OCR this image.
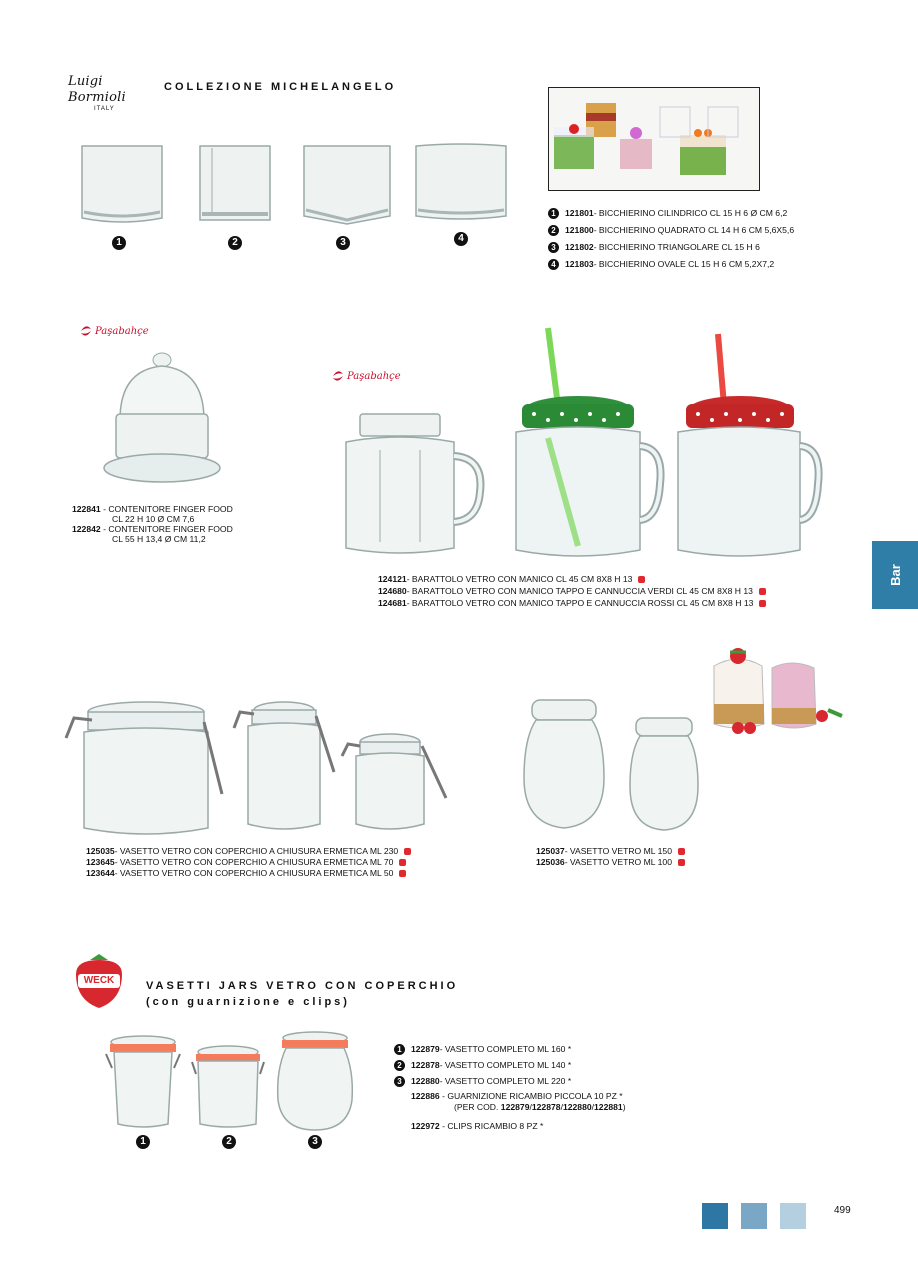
Luigi Bormioli
ITALY
COLLEZIONE MICHELANGELO
1	2	3	4
1	121801 - BICCHIERINO CILINDRICO CL 15 H 6 Ø CM 6,2
2	121800 - BICCHIERINO QUADRATO CL 14 H 6 CM 5,6X5,6
3	121802 - BICCHIERINO TRIANGOLARE CL 15 H 6
4	121803 - BICCHIERINO OVALE CL 15 H 6 CM 5,2X7,2
Paşabahçe
122841 - CONTENITORE FINGER FOOD
CL 22 H 10 Ø CM 7,6
122842 - CONTENITORE FINGER FOOD
CL 55 H 13,4 Ø CM 11,2
Paşabahçe
124121 - BARATTOLO VETRO CON MANICO CL 45 CM 8X8 H 13
124680 - BARATTOLO VETRO CON MANICO TAPPO E CANNUCCIA VERDI CL 45 CM 8X8 H 13
124681 - BARATTOLO VETRO CON MANICO TAPPO E CANNUCCIA ROSSI CL 45 CM 8X8 H 13
Bar
125035 - VASETTO VETRO CON COPERCHIO A CHIUSURA ERMETICA ML 230
123645 - VASETTO VETRO CON COPERCHIO A CHIUSURA ERMETICA ML 70
123644 - VASETTO VETRO CON COPERCHIO A CHIUSURA ERMETICA ML 50
125037 - VASETTO VETRO ML 150
125036 - VASETTO VETRO ML 100
WECK	VASETTI JARS VETRO CON COPERCHIO
(con guarnizione e clips)
1	2	3
1	122879 - VASETTO COMPLETO ML 160 *
2	122878 - VASETTO COMPLETO ML 140 *
3	122880 - VASETTO COMPLETO ML 220 *
122886 - GUARNIZIONE RICAMBIO PICCOLA 10 PZ *
(PER COD. 122879/122878/122880/122881)
122972 - CLIPS RICAMBIO 8 PZ *
499
